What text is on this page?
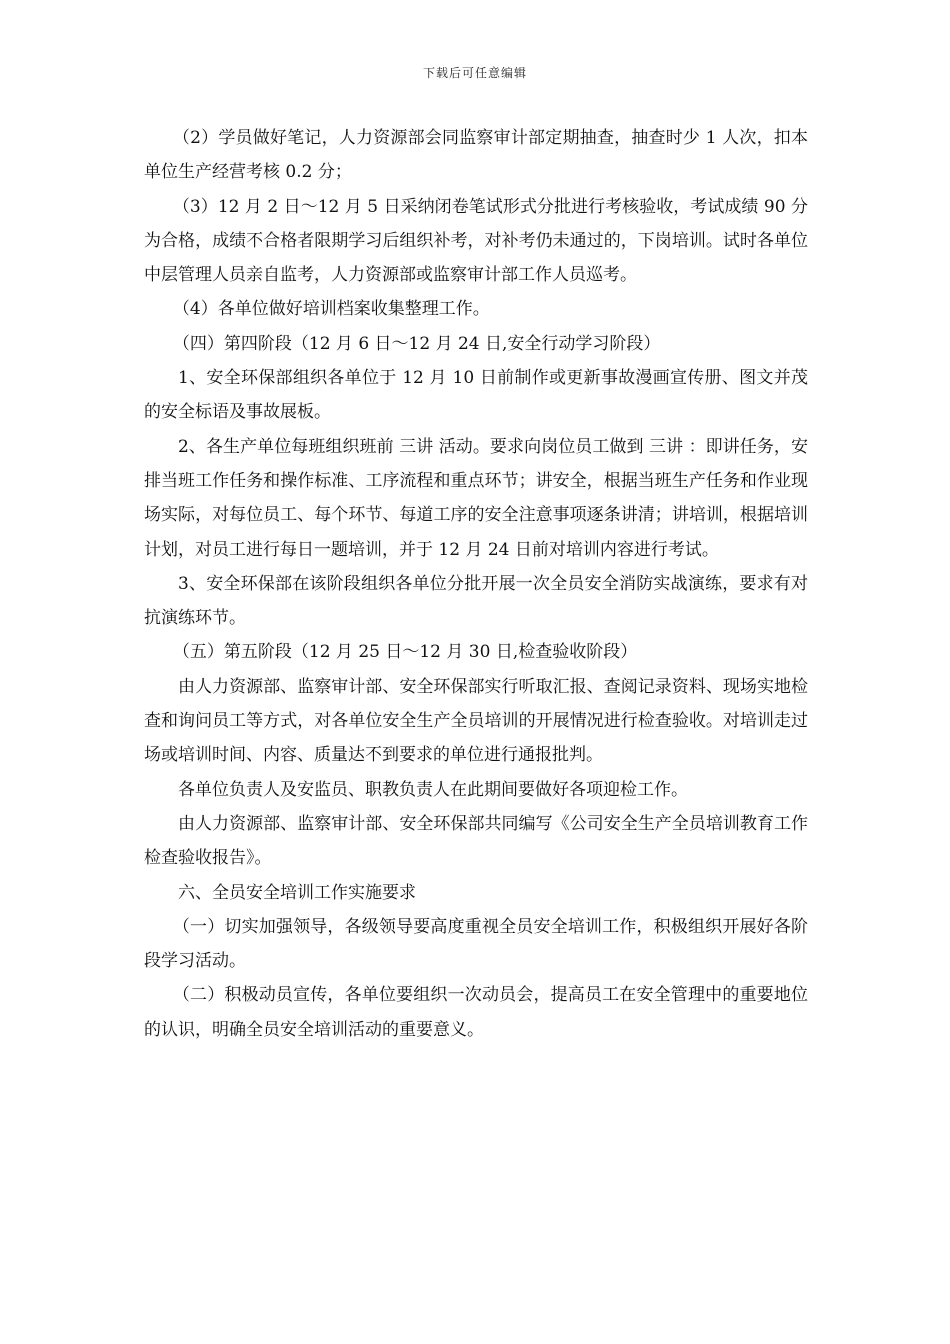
下载后可任意编辑

（2）学员做好笔记，人力资源部会同监察审计部定期抽查，抽查时少 1 人次，扣本单位生产经营考核 0.2 分；

（3）12 月 2 日～12 月 5 日采纳闭卷笔试形式分批进行考核验收，考试成绩 90 分为合格，成绩不合格者限期学习后组织补考，对补考仍未通过的，下岗培训。试时各单位中层管理人员亲自监考，人力资源部或监察审计部工作人员巡考。

（4）各单位做好培训档案收集整理工作。

（四）第四阶段（12 月 6 日～12 月 24 日,安全行动学习阶段）

1、安全环保部组织各单位于 12 月 10 日前制作或更新事故漫画宣传册、图文并茂的安全标语及事故展板。

2、各生产单位每班组织班前 三讲 活动。要求向岗位员工做到 三讲 ：即讲任务，安排当班工作任务和操作标准、工序流程和重点环节；讲安全，根据当班生产任务和作业现场实际，对每位员工、每个环节、每道工序的安全注意事项逐条讲清；讲培训，根据培训计划，对员工进行每日一题培训，并于 12 月 24 日前对培训内容进行考试。

3、安全环保部在该阶段组织各单位分批开展一次全员安全消防实战演练，要求有对抗演练环节。

（五）第五阶段（12 月 25 日～12 月 30 日,检查验收阶段）

由人力资源部、监察审计部、安全环保部实行听取汇报、查阅记录资料、现场实地检查和询问员工等方式，对各单位安全生产全员培训的开展情况进行检查验收。对培训走过场或培训时间、内容、质量达不到要求的单位进行通报批判。

各单位负责人及安监员、职教负责人在此期间要做好各项迎检工作。

由人力资源部、监察审计部、安全环保部共同编写《公司安全生产全员培训教育工作检查验收报告》。

六、全员安全培训工作实施要求

（一）切实加强领导，各级领导要高度重视全员安全培训工作，积极组织开展好各阶段学习活动。

（二）积极动员宣传，各单位要组织一次动员会，提高员工在安全管理中的重要地位的认识，明确全员安全培训活动的重要意义。
